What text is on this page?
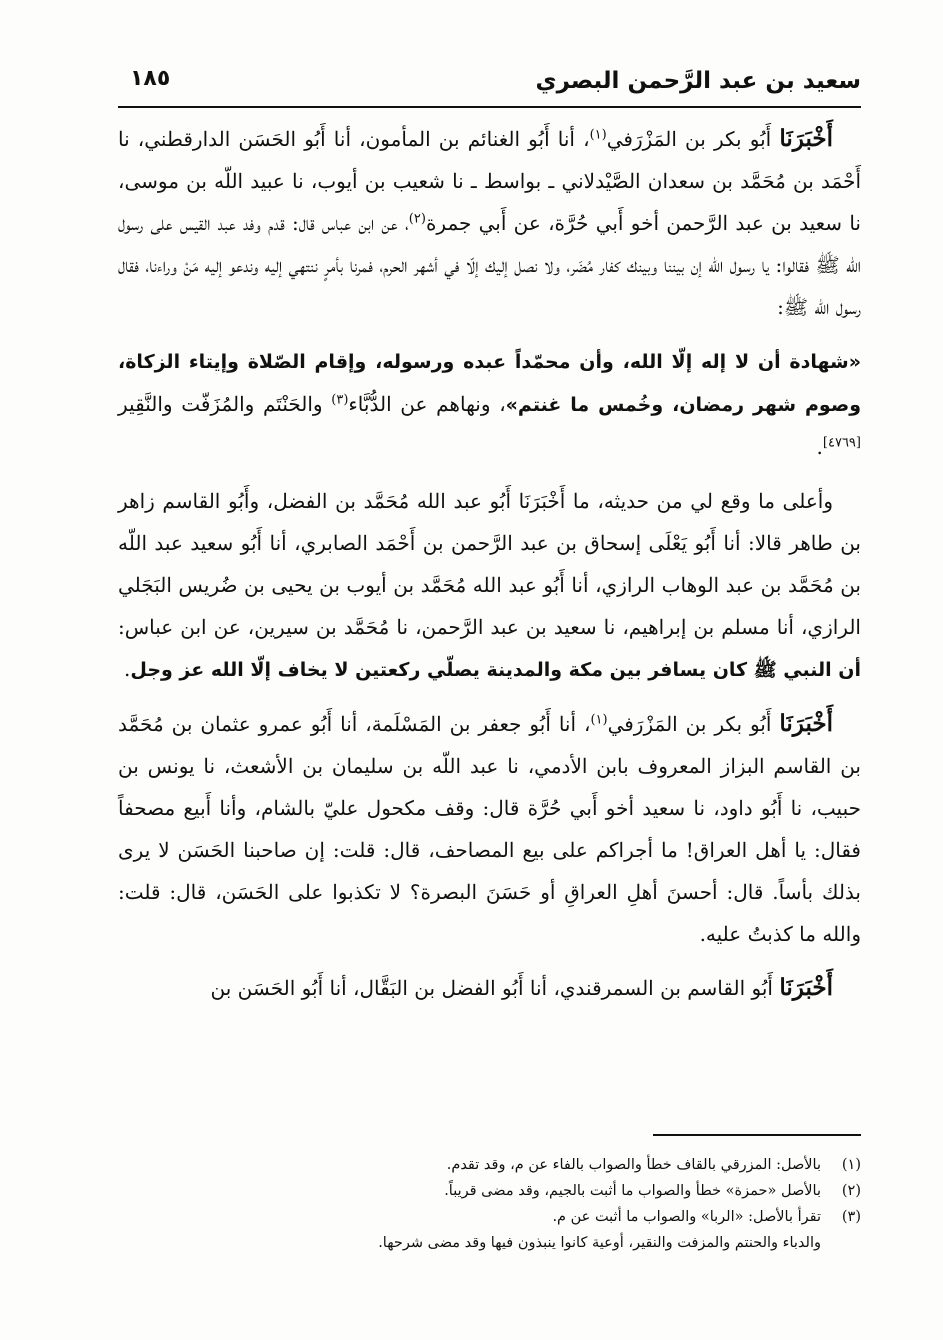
سعيد بن عبد الرَّحمن البصري
١٨٥

أَخْبَرَنَا أَبُو بكر بن المَزْرَفي$^{(١)}$، أنا أَبُو الغنائم بن المأمون، أنا أَبُو الحَسَن الدارقطني، نا أَحْمَد بن مُحَمَّد بن سعدان الصَّيْدلاني ـ بواسط ـ نا شعيب بن أيوب، نا عبيد اللّه بن موسى، نا سعيد بن عبد الرَّحمن أخو أَبي حُرَّة، عن أَبي جمرة$^{(٢)}$، عن ابن عباس قال: قدم وفد عبد القيس على رسول الله ﷺ فقالوا: يا رسول الله إن بيننا وبينك كفار مُضَر، ولا نصل إليك إلّا في أشهر الحرم، فمرنا بأمرٍ ننتهي إليه وندعو إليه مَنْ وراءنا، فقال رسول الله ﷺ:

«شهادة أن لا إله إلّا الله، وأن محمّداً عبده ورسوله، وإقام الصّلاة وإيتاء الزكاة، وصوم شهر رمضان، وخُمس ما غنتم»، ونهاهم عن الدُّبَّاء$^{(٣)}$ والحَنْتَم والمُزَفّت والنَّقِير [٤٧٦٩].

وأعلى ما وقع لي من حديثه، ما أَخْبَرَنَا أَبُو عبد الله مُحَمَّد بن الفضل، وأَبُو القاسم زاهر بن طاهر قالا: أنا أَبُو يَعْلَى إسحاق بن عبد الرَّحمن بن أَحْمَد الصابري، أنا أَبُو سعيد عبد اللّه بن مُحَمَّد بن عبد الوهاب الرازي، أنا أَبُو عبد الله مُحَمَّد بن أيوب بن يحيى بن ضُريس البَجَلي الرازي، أنا مسلم بن إبراهيم، نا سعيد بن عبد الرَّحمن، نا مُحَمَّد بن سيرين، عن ابن عباس: أن النبي ﷺ كان يسافر بين مكة والمدينة يصلّي ركعتين لا يخاف إلّا الله عز وجل.

أَخْبَرَنَا أَبُو بكر بن المَزْرَفي$^{(١)}$، أنا أَبُو جعفر بن المَسْلَمة، أنا أَبُو عمرو عثمان بن مُحَمَّد بن القاسم البزاز المعروف بابن الأدمي، نا عبد اللّه بن سليمان بن الأشعث، نا يونس بن حبيب، نا أَبُو داود، نا سعيد أخو أَبي حُرَّة قال: وقف مكحول عليّ بالشام، وأنا أَبيع مصحفاً فقال: يا أهل العراق! ما أجراكم على بيع المصاحف، قال: قلت: إن صاحبنا الحَسَن لا يرى بذلك بأساً. قال: أحسنَ أهلِ العراقِ أو حَسَنَ البصرة؟ لا تكذبوا على الحَسَن، قال: قلت: والله ما كذبتُ عليه.

أَخْبَرَنَا أَبُو القاسم بن السمرقندي، أنا أَبُو الفضل بن البَقَّال، أنا أَبُو الحَسَن بن

(١)
بالأصل: المزرقي بالقاف خطأ والصواب بالفاء عن م، وقد تقدم.
(٢)
بالأصل «حمزة» خطأ والصواب ما أثبت بالجيم، وقد مضى قريباً.
(٣)
تقرأ بالأصل: «الربا» والصواب ما أثبت عن م.
والدباء والحنتم والمزفت والنقير، أوعية كانوا ينبذون فيها وقد مضى شرحها.
